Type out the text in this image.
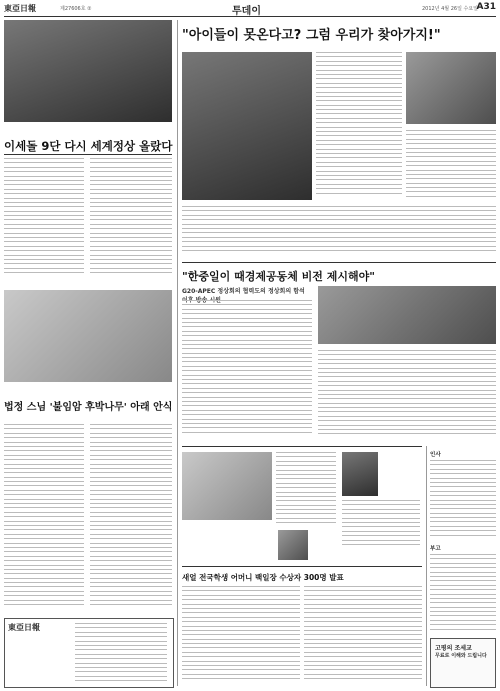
東亞日報	제27606호 ②	투데이	2012년 4월 26일 수요일
A31
이세돌 9단 다시 세계정상 올랐다
법정 스님 '불임암 후박나무' 아래 안식
東亞日報
"아이들이 못온다고? 그럼 우리가 찾아가지!"
"한중일이 때경제공동체 비전 제시해야"
G20-APEC 정상회의 협력도의 정상회의 함석
새얼 전국학생 어머니 백일장 수상자 300명 발표
인사
부고
고평의 조세교
무료로 이해와 드립니다
